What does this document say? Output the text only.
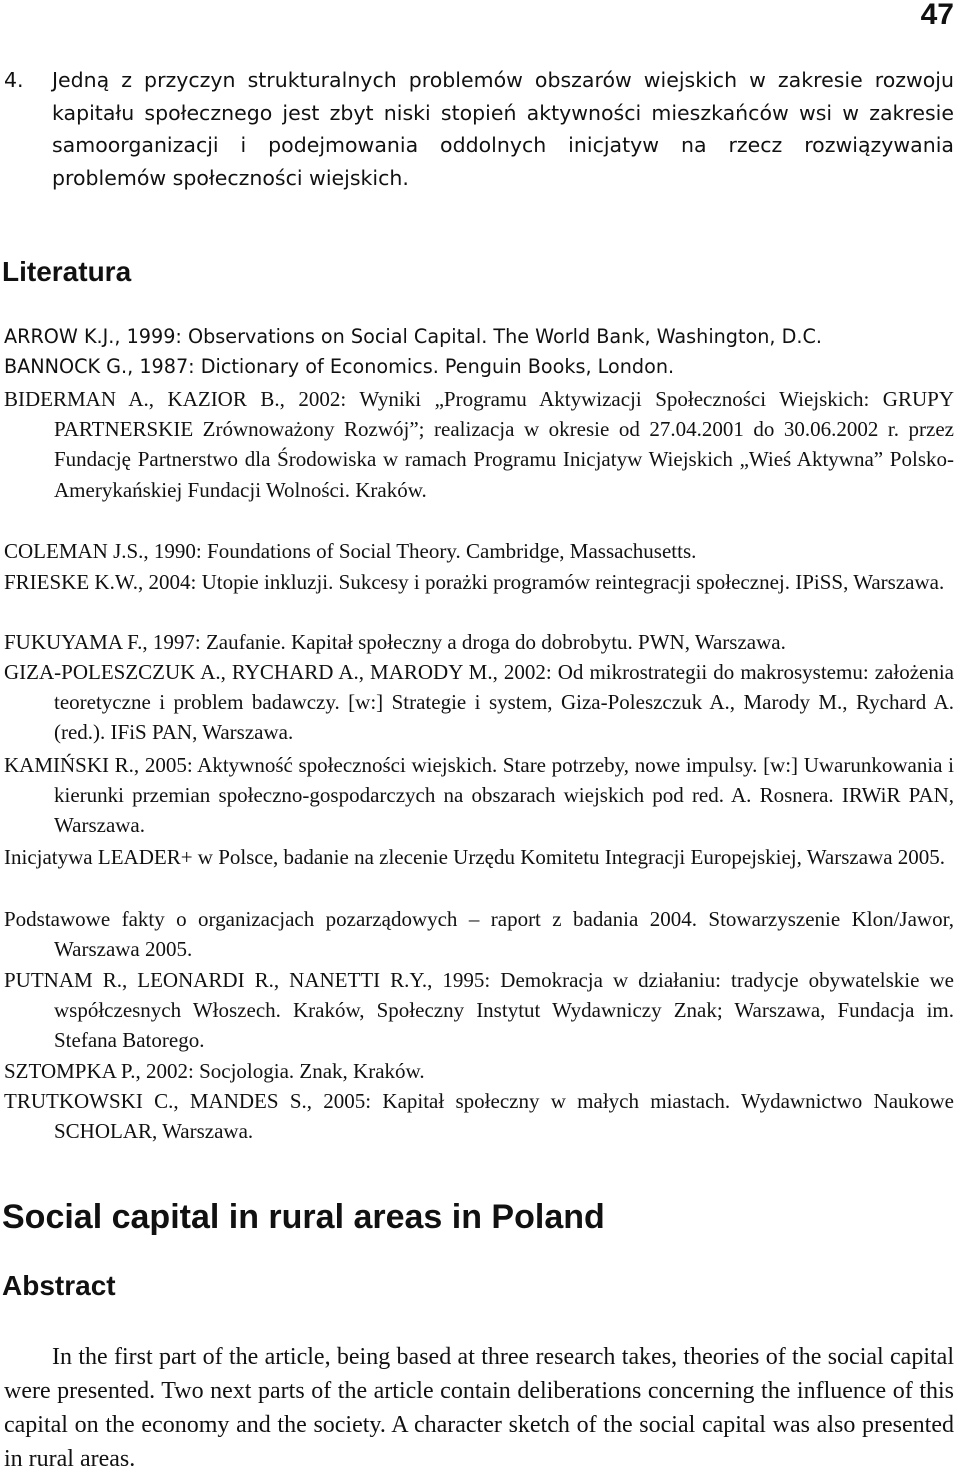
47

4. Jedną z przyczyn strukturalnych problemów obszarów wiejskich w zakresie rozwoju kapitału społecznego jest zbyt niski stopień aktywności mieszkańców wsi w zakresie samoorganizacji i podejmowania oddolnych inicjatyw na rzecz rozwiązywania problemów społeczności wiejskich.

Literatura

ARROW K.J., 1999: Observations on Social Capital. The World Bank, Washington, D.C.

BANNOCK G., 1987: Dictionary of Economics. Penguin Books, London.

BIDERMAN A., KAZIOR B., 2002: Wyniki „Programu Aktywizacji Społeczności Wiejskich: GRUPY PARTNERSKIE Zrównoważony Rozwój”; realizacja w okresie od 27.04.2001 do 30.06.2002 r. przez Fundację Partnerstwo dla Środowiska w ramach Programu Inicjatyw Wiejskich „Wieś Aktywna” Polsko-Amerykańskiej Fundacji Wolności. Kraków.

COLEMAN J.S., 1990: Foundations of Social Theory. Cambridge, Massachusetts.

FRIESKE K.W., 2004: Utopie inkluzji. Sukcesy i porażki programów reintegracji społecznej. IPiSS, Warszawa.

FUKUYAMA F., 1997: Zaufanie. Kapitał społeczny a droga do dobrobytu. PWN, Warszawa.

GIZA-POLESZCZUK A., RYCHARD A., MARODY M., 2002: Od mikrostrategii do makrosystemu: założenia teoretyczne i problem badawczy. [w:] Strategie i system, Giza-Poleszczuk A., Marody M., Rychard A. (red.). IFiS PAN, Warszawa.

KAMIŃSKI R., 2005: Aktywność społeczności wiejskich. Stare potrzeby, nowe impulsy. [w:] Uwarunkowania i kierunki przemian społeczno-gospodarczych na obszarach wiejskich pod red. A. Rosnera. IRWiR PAN, Warszawa.

Inicjatywa LEADER+ w Polsce, badanie na zlecenie Urzędu Komitetu Integracji Europejskiej, Warszawa 2005.

Podstawowe fakty o organizacjach pozarządowych – raport z badania 2004. Stowarzyszenie Klon/Jawor, Warszawa 2005.

PUTNAM R., LEONARDI R., NANETTI R.Y., 1995: Demokracja w działaniu: tradycje obywatelskie we współczesnych Włoszech. Kraków, Społeczny Instytut Wydawniczy Znak; Warszawa, Fundacja im. Stefana Batorego.

SZTOMPKA P., 2002: Socjologia. Znak, Kraków.

TRUTKOWSKI C., MANDES S., 2005: Kapitał społeczny w małych miastach. Wydawnictwo Naukowe SCHOLAR, Warszawa.

Social capital in rural areas in Poland
Abstract

In the first part of the article, being based at three research takes, theories of the social capital were presented. Two next parts of the article contain deliberations concerning the influence of this capital on the economy and the society. A character sketch of the social capital was also presented in rural areas.
